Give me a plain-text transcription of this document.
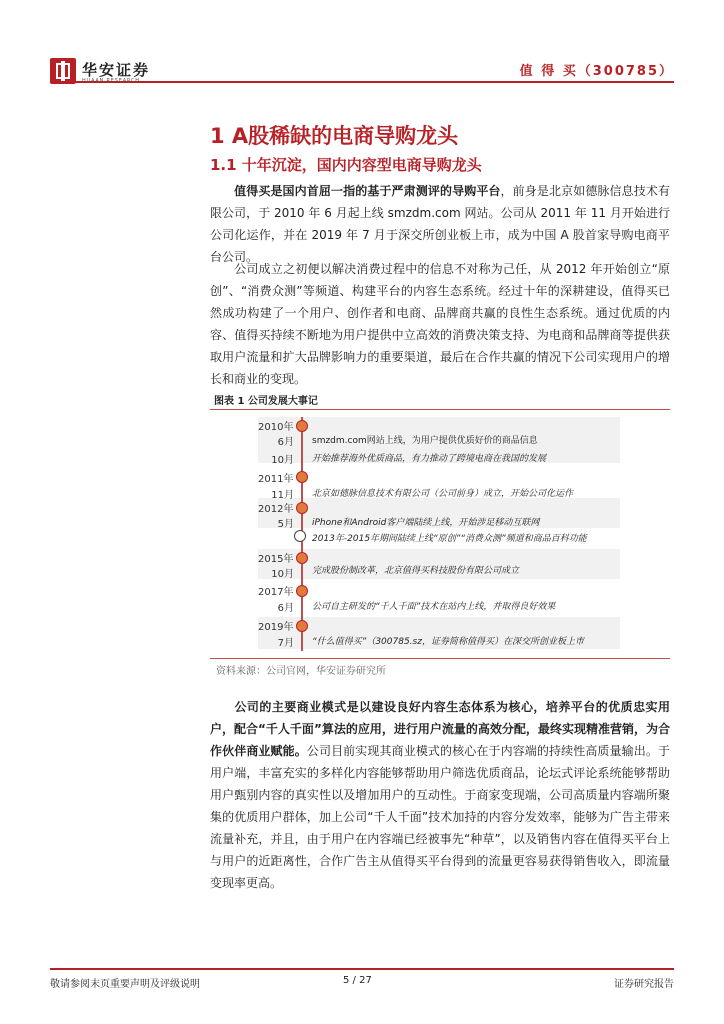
华安证券	值 得 买（300785）
1 A股稀缺的电商导购龙头
1.1 十年沉淀，国内内容型电商导购龙头
值得买是国内首屈一指的基于严肃测评的导购平台，前身是北京如德脉信息技术有限公司，于 2010 年 6 月起上线 smzdm.com 网站。公司从 2011 年 11 月开始进行公司化运作，并在 2019 年 7 月于深交所创业板上市，成为中国 A 股首家导购电商平台公司。
公司成立之初便以解决消费过程中的信息不对称为己任，从 2012 年开始创立“原创”、“消费众测”等频道、构建平台的内容生态系统。经过十年的深耕建设，值得买已然成功构建了一个用户、创作者和电商、品牌商共赢的良性生态系统。通过优质的内容、值得买持续不断地为用户提供中立高效的消费决策支持、为电商和品牌商等提供获取用户流量和扩大品牌影响力的重要渠道，最后在合作共赢的情况下公司实现用户的增长和商业的变现。
图表 1 公司发展大事记
2010年
6月 smzdm.com网站上线，为用户提供优质好价的商品信息
10月 开始推荐海外优质商品，有力推动了跨境电商在我国的发展
2011年
11月 北京如德脉信息技术有限公司（公司前身）成立，开始公司化运作
2012年
5月 iPhone和Android客户端陆续上线，开始涉足移动互联网
2013年-2015年期间陆续上线“原创”“消费众测”频道和商品百科功能
2015年
10月 完成股份制改革，北京值得买科技股份有限公司成立
2017年
6月 公司自主研发的“千人千面”技术在站内上线，并取得良好效果
2019年
7月 “什么值得买”（300785.sz，证券简称值得买）在深交所创业板上市
资料来源：公司官网，华安证券研究所
公司的主要商业模式是以建设良好内容生态体系为核心，培养平台的优质忠实用户，配合“千人千面”算法的应用，进行用户流量的高效分配，最终实现精准营销，为合作伙伴商业赋能。公司目前实现其商业模式的核心在于内容端的持续性高质量输出。于用户端，丰富充实的多样化内容能够帮助用户筛选优质商品，论坛式评论系统能够帮助用户甄别内容的真实性以及增加用户的互动性。于商家变现端，公司高质量内容端所聚集的优质用户群体，加上公司“千人千面”技术加持的内容分发效率，能够为广告主带来流量补充，并且，由于用户在内容端已经被事先“种草”，以及销售内容在值得买平台上与用户的近距离性，合作广告主从值得买平台得到的流量更容易获得销售收入，即流量变现率更高。
敬请参阅末页重要声明及评级说明	5 / 27	证券研究报告
